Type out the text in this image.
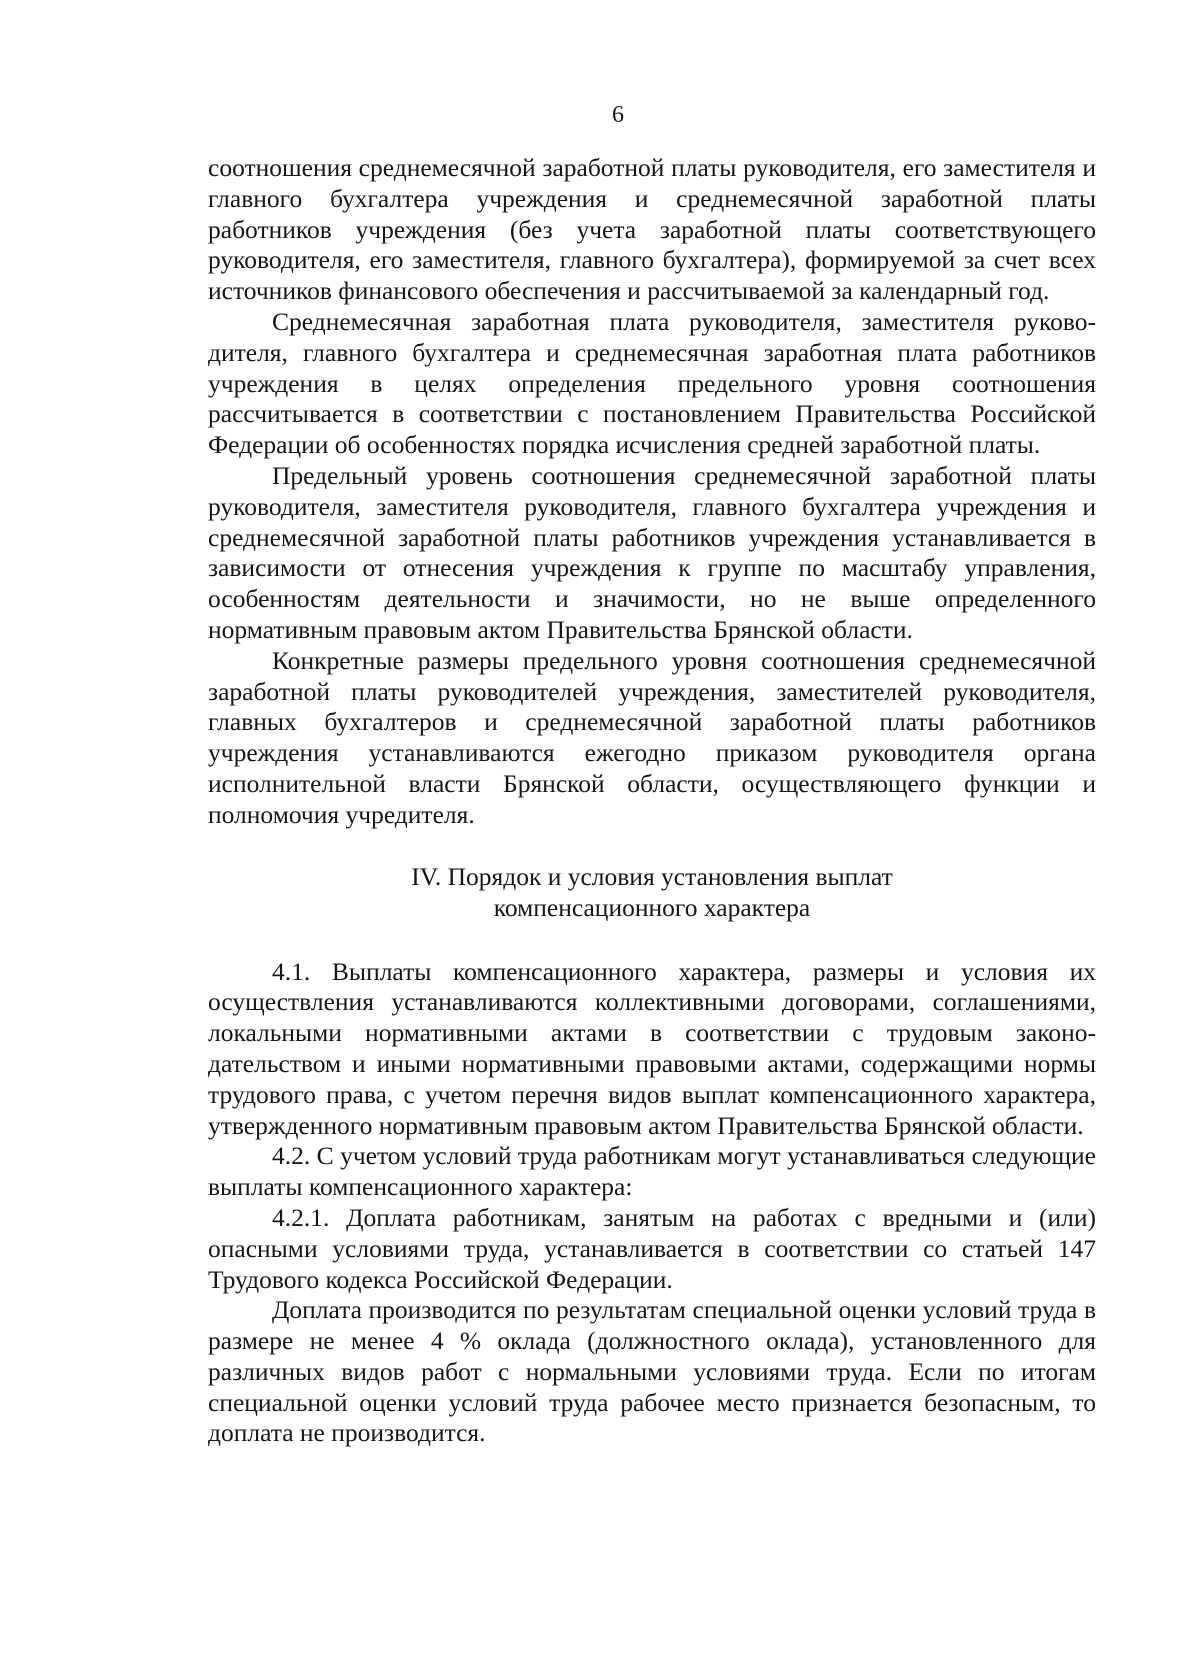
6

соотношения среднемесячной заработной платы руководителя, его заместителя и главного бухгалтера учреждения и среднемесячной заработной платы работников учреждения (без учета заработной платы соответствующего руководителя, его заместителя, главного бухгалтера), формируемой за счет всех источников финансового обеспечения и рассчитываемой за календарный год.

Среднемесячная заработная плата руководителя, заместителя руководителя, главного бухгалтера и среднемесячная заработная плата работников учреждения в целях определения предельного уровня соотношения рассчитывается в соответствии с постановлением Правительства Российской Федерации об особенностях порядка исчисления средней заработной платы.

Предельный уровень соотношения среднемесячной заработной платы руководителя, заместителя руководителя, главного бухгалтера учреждения и среднемесячной заработной платы работников учреждения устанавливается в зависимости от отнесения учреждения к группе по масштабу управления, особенностям деятельности и значимости, но не выше определенного нормативным правовым актом Правительства Брянской области.

Конкретные размеры предельного уровня соотношения среднемесячной заработной платы руководителей учреждения, заместителей руководителя, главных бухгалтеров и среднемесячной заработной платы работников учреждения устанавливаются ежегодно приказом руководителя органа исполнительной власти Брянской области, осуществляющего функции и полномочия учредителя.

IV. Порядок и условия установления выплат
компенсационного характера

4.1. Выплаты компенсационного характера, размеры и условия их осуществления устанавливаются коллективными договорами, соглашениями, локальными нормативными актами в соответствии с трудовым законодательством и иными нормативными правовыми актами, содержащими нормы трудового права, с учетом перечня видов выплат компенсационного характера, утвержденного нормативным правовым актом Правительства Брянской области.

4.2. С учетом условий труда работникам могут устанавливаться следующие выплаты компенсационного характера:

4.2.1. Доплата работникам, занятым на работах с вредными и (или) опасными условиями труда, устанавливается в соответствии со статьей 147 Трудового кодекса Российской Федерации.

Доплата производится по результатам специальной оценки условий труда в размере не менее 4 % оклада (должностного оклада), установленного для различных видов работ с нормальными условиями труда. Если по итогам специальной оценки условий труда рабочее место признается безопасным, то доплата не производится.
